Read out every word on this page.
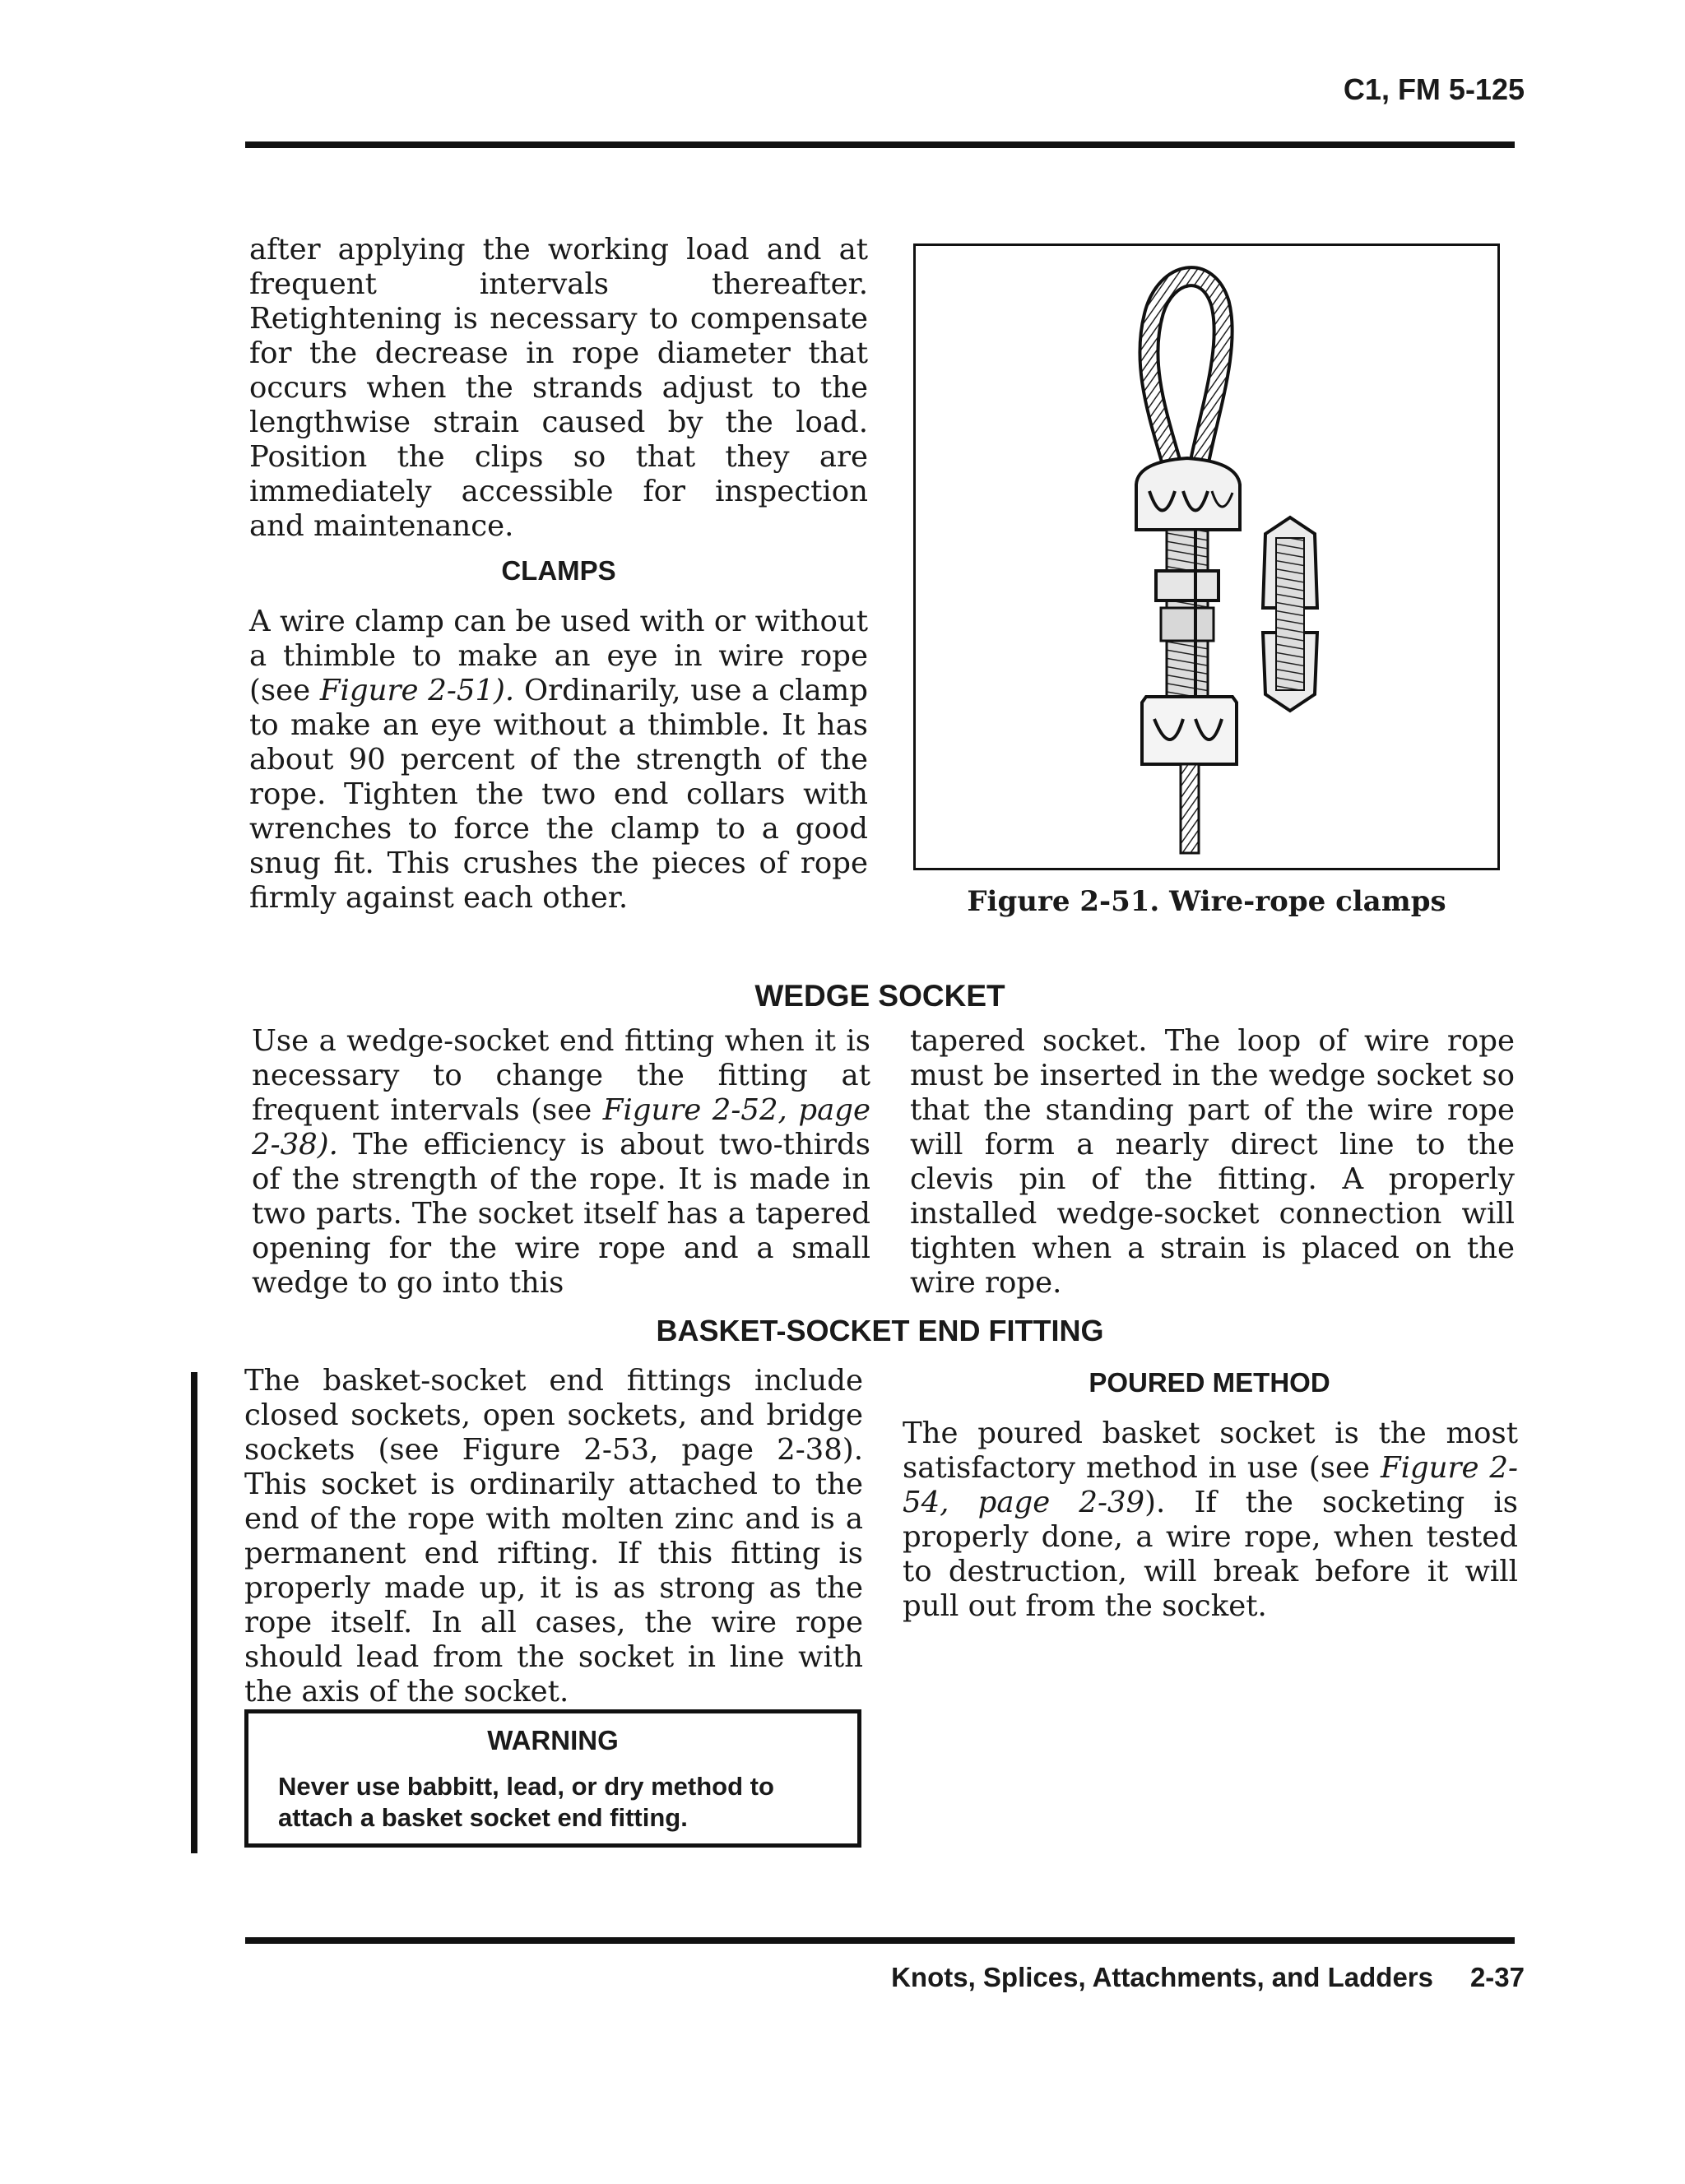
C1, FM 5-125
after applying the working load and at frequent intervals thereafter. Retightening is necessary to compensate for the decrease in rope diameter that occurs when the strands adjust to the lengthwise strain caused by the load. Position the clips so that they are immediately accessible for inspection and maintenance.
CLAMPS
A wire clamp can be used with or without a thimble to make an eye in wire rope (see Figure 2-51). Ordinarily, use a clamp to make an eye without a thimble. It has about 90 percent of the strength of the rope. Tighten the two end collars with wrenches to force the clamp to a good snug fit. This crushes the pieces of rope firmly against each other.	Figure 2-51. Wire-rope clamps
WEDGE SOCKET
Use a wedge-socket end fitting when it is necessary to change the fitting at frequent intervals (see Figure 2-52, page 2-38). The efficiency is about two-thirds of the strength of the rope. It is made in two parts. The socket itself has a tapered opening for the wire rope and a small wedge to go into this
tapered socket. The loop of wire rope must be inserted in the wedge socket so that the standing part of the wire rope will form a nearly direct line to the clevis pin of the fitting. A properly installed wedge-socket connection will tighten when a strain is placed on the wire rope.
BASKET-SOCKET END FITTING
The basket-socket end fittings include closed sockets, open sockets, and bridge sockets (see Figure 2-53, page 2-38). This socket is ordinarily attached to the end of the rope with molten zinc and is a permanent end rifting. If this fitting is properly made up, it is as strong as the rope itself. In all cases, the wire rope should lead from the socket in line with the axis of the socket.
POURED METHOD
The poured basket socket is the most satisfactory method in use (see Figure 2-54, page 2-39). If the socketing is properly done, a wire rope, when tested to destruction, will break before it will pull out from the socket.
WARNING
Never use babbitt, lead, or dry method to attach a basket socket end fitting.
Knots, Splices, Attachments, and Ladders 2-37
